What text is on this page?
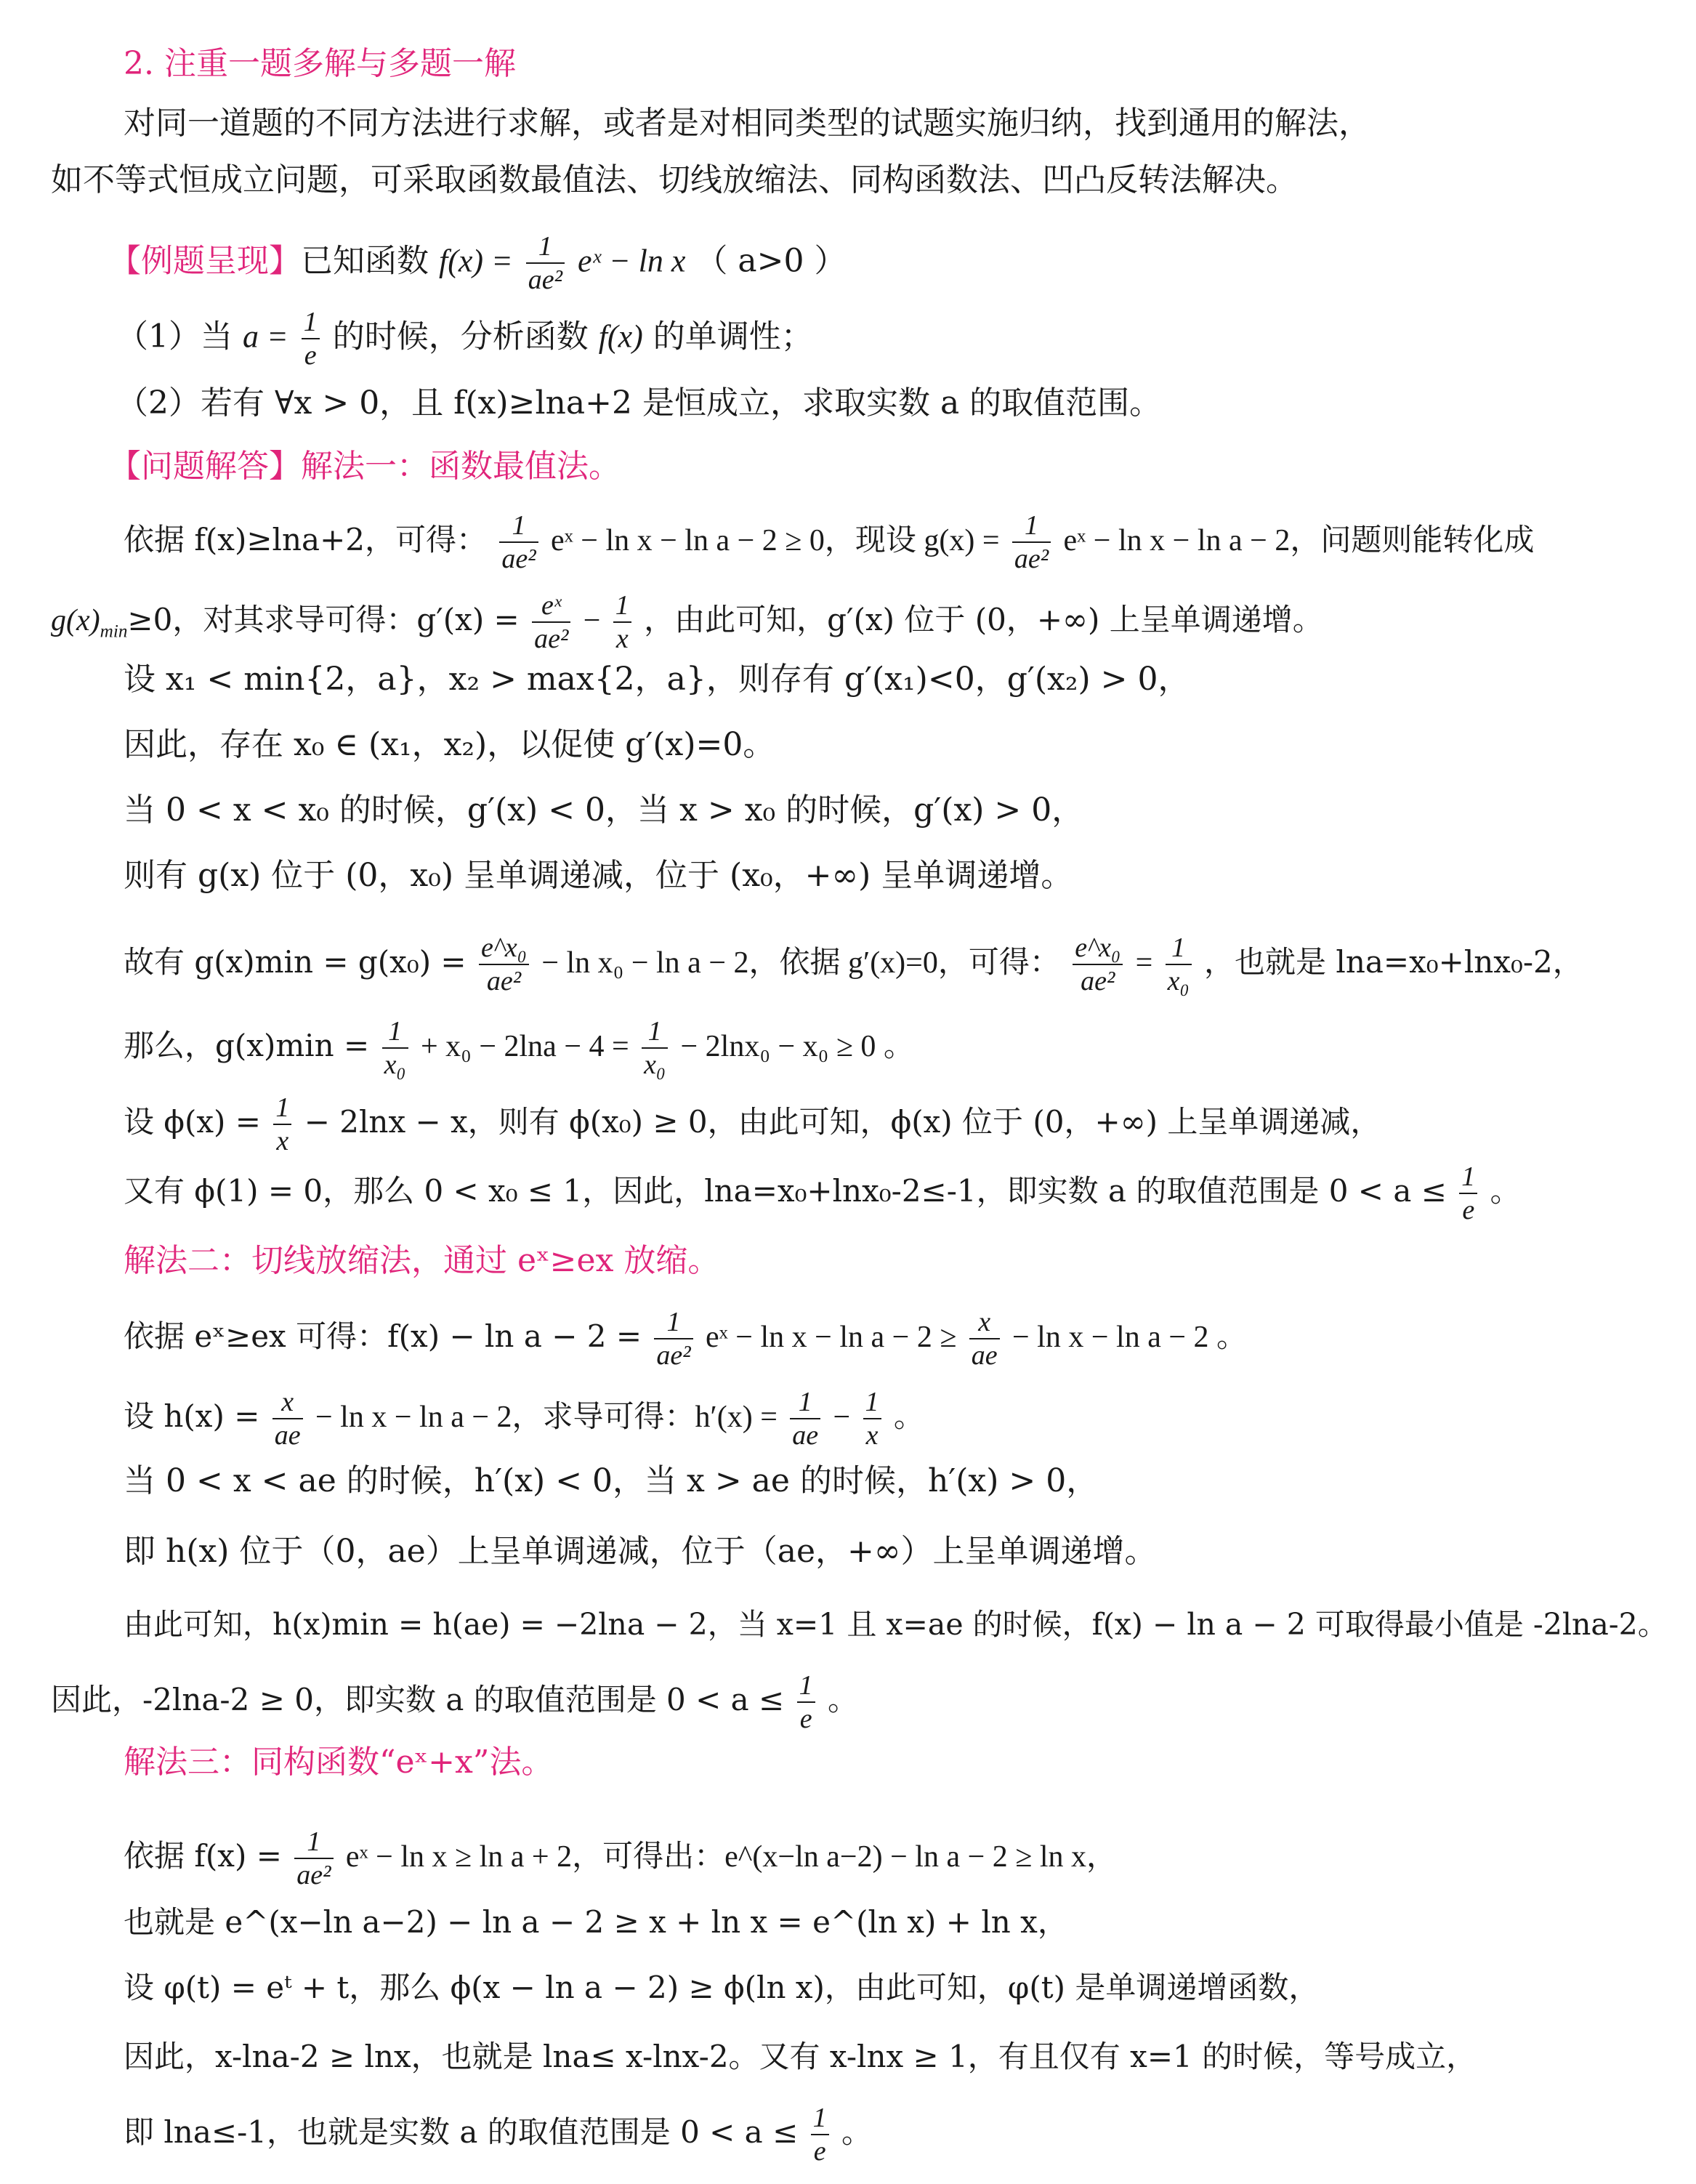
2. 注重一题多解与多题一解
对同一道题的不同方法进行求解，或者是对相同类型的试题实施归纳，找到通用的解法，
如不等式恒成立问题，可采取函数最值法、切线放缩法、同构函数法、凹凸反转法解决。
【例题呈现】已知函数 $f(x) = \frac{1}{\text{ae²}}$ eˣ − ln x （ a>0 ）
（1）当 $a = \frac{1}{e}$ 的时候，分析函数 f(x) 的单调性；
（2）若有 ∀x > 0，且 f(x)≥lna+2 是恒成立，求取实数 a 的取值范围。
【问题解答】解法一：函数最值法。
依据 f(x)≥lna+2，可得： $\frac{1}{\text{ae²}}$ eˣ − ln x − ln a − 2 ≥ 0，现设 $g(x) = \frac{1}{\text{ae²}}$ eˣ − ln x − ln a − 2，问题则能转化成
$g(x)_{min}\ge 0$，对其求导可得：$g'(x) = \frac{\text{eˣ}}{\text{ae²}} - \frac{1}{x}$ ，由此可知，g′(x) 位于 (0，+∞) 上呈单调递增。
设 x₁ < min{2，a}，x₂ > max{2，a}，则存有 g′(x₁)<0，g′(x₂) > 0，
因此，存在 x₀ ∈ (x₁，x₂)，以促使 g′(x)=0。
当 0 < x < x₀ 的时候，g′(x) < 0，当 x > x₀ 的时候，g′(x) > 0，
则有 g(x) 位于 (0，x₀) 呈单调递减，位于 (x₀，+∞) 呈单调递增。
故有 $g(x)\min = g(x_0) = \frac{\text{e\textasciicircum{}x₀}}{\text{ae²}} - \ln x_0 - \ln a - 2$，依据 g′(x)=0，可得： $\frac{\text{e\textasciicircum{}x₀}}{\text{ae²}} = \frac{1}{\text{x₀}}$ ，也就是 lna=x₀+lnx₀-2，
那么，$g(x)\min = \frac{1}{\text{x₀}} + x_0 - 2\ln a - 4 = \frac{1}{\text{x₀}} - 2\ln x_0 - x_0 \ge 0$ 。
设 $\phi(x) = \frac{1}{x} - 2\ln x - x$，则有 ϕ(x₀) ≥ 0，由此可知，ϕ(x) 位于 (0，+∞) 上呈单调递减，
又有 ϕ(1) = 0，那么 0 < x₀ ≤ 1，因此，lna=x₀+lnx₀-2≤-1，即实数 a 的取值范围是 $0 < a \le \frac{1}{e}$ 。
解法二：切线放缩法，通过 eˣ≥ex 放缩。
依据 eˣ≥ex 可得：$f(x) - \ln a - 2 = \frac{1}{\text{ae²}}$ eˣ − $\ln x - \ln a - 2 \ge \frac{x}{ae} - \ln x - \ln a - 2$ 。
设 $h(x) = \frac{x}{ae} - \ln x - \ln a - 2$，求导可得：$h'(x) = \frac{1}{ae} - \frac{1}{x}$ 。
当 0 < x < ae 的时候，h′(x) < 0，当 x > ae 的时候，h′(x) > 0，
即 h(x) 位于（0，ae）上呈单调递减，位于（ae，+∞）上呈单调递增。
由此可知，h(x)min = h(ae) = −2lna − 2，当 x=1 且 x=ae 的时候，f(x) − ln a − 2 可取得最小值是 -2lna-2。
因此，-2lna-2 ≥ 0，即实数 a 的取值范围是 $0 < a \le \frac{1}{e}$ 。
解法三：同构函数“eˣ+x”法。
依据 $f(x) = \frac{1}{\text{ae²}}$ eˣ − ln x ≥ ln a + 2，可得出：e^(x−ln a−2) − ln a − 2 ≥ ln x，
也就是 e^(x−ln a−2) − ln a − 2 ≥ x + ln x = e^(ln x) + ln x，
设 φ(t) = eᵗ + t，那么 ϕ(x − ln a − 2) ≥ ϕ(ln x)，由此可知，φ(t) 是单调递增函数，
因此，x-lna-2 ≥ lnx，也就是 lna≤ x-lnx-2。又有 x-lnx ≥ 1，有且仅有 x=1 的时候，等号成立，
即 lna≤-1，也就是实数 a 的取值范围是 $0 < a \le \frac{1}{e}$ 。
